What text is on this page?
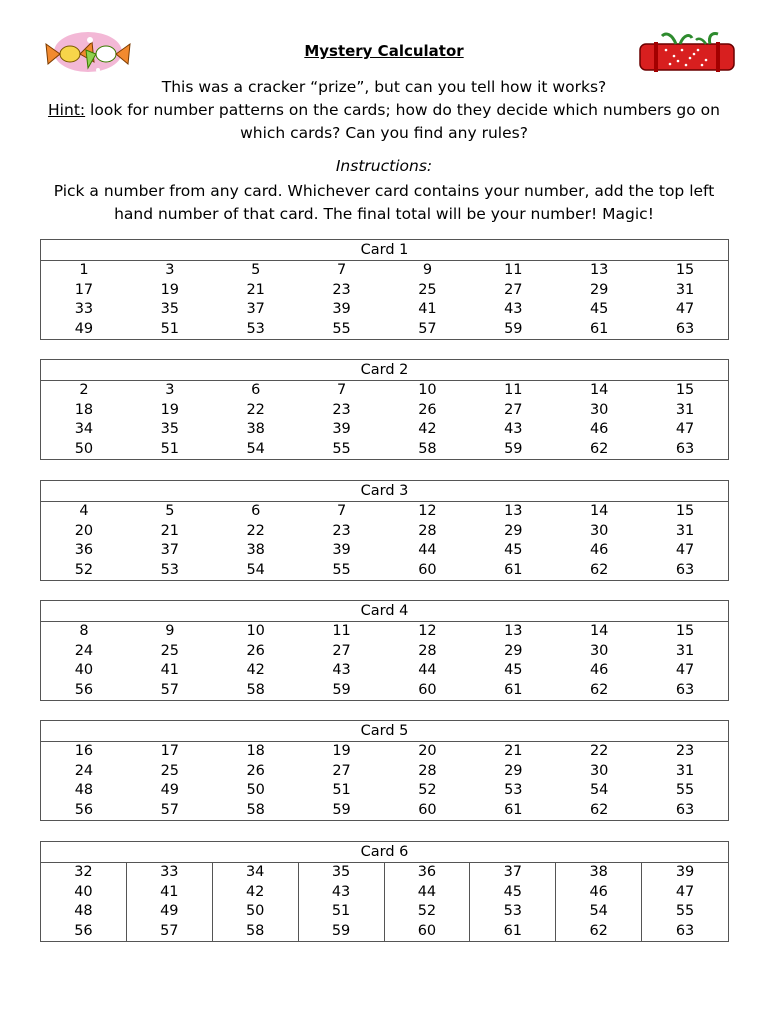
Mystery Calculator
This was a cracker “prize”, but can you tell how it works?
Hint: look for number patterns on the cards; how do they decide which numbers go on which cards? Can you find any rules?
Instructions:
Pick a number from any card. Whichever card contains your number, add the top left hand number of that card. The final total will be your number! Magic!
Card 1
1	3	5	7	9	11	13	15
17	19	21	23	25	27	29	31
33	35	37	39	41	43	45	47
49	51	53	55	57	59	61	63
Card 2
2	3	6	7	10	11	14	15
18	19	22	23	26	27	30	31
34	35	38	39	42	43	46	47
50	51	54	55	58	59	62	63
Card 3
4	5	6	7	12	13	14	15
20	21	22	23	28	29	30	31
36	37	38	39	44	45	46	47
52	53	54	55	60	61	62	63
Card 4
8	9	10	11	12	13	14	15
24	25	26	27	28	29	30	31
40	41	42	43	44	45	46	47
56	57	58	59	60	61	62	63
Card 5
16	17	18	19	20	21	22	23
24	25	26	27	28	29	30	31
48	49	50	51	52	53	54	55
56	57	58	59	60	61	62	63
Card 6
32	33	34	35	36	37	38	39
40	41	42	43	44	45	46	47
48	49	50	51	52	53	54	55
56	57	58	59	60	61	62	63
